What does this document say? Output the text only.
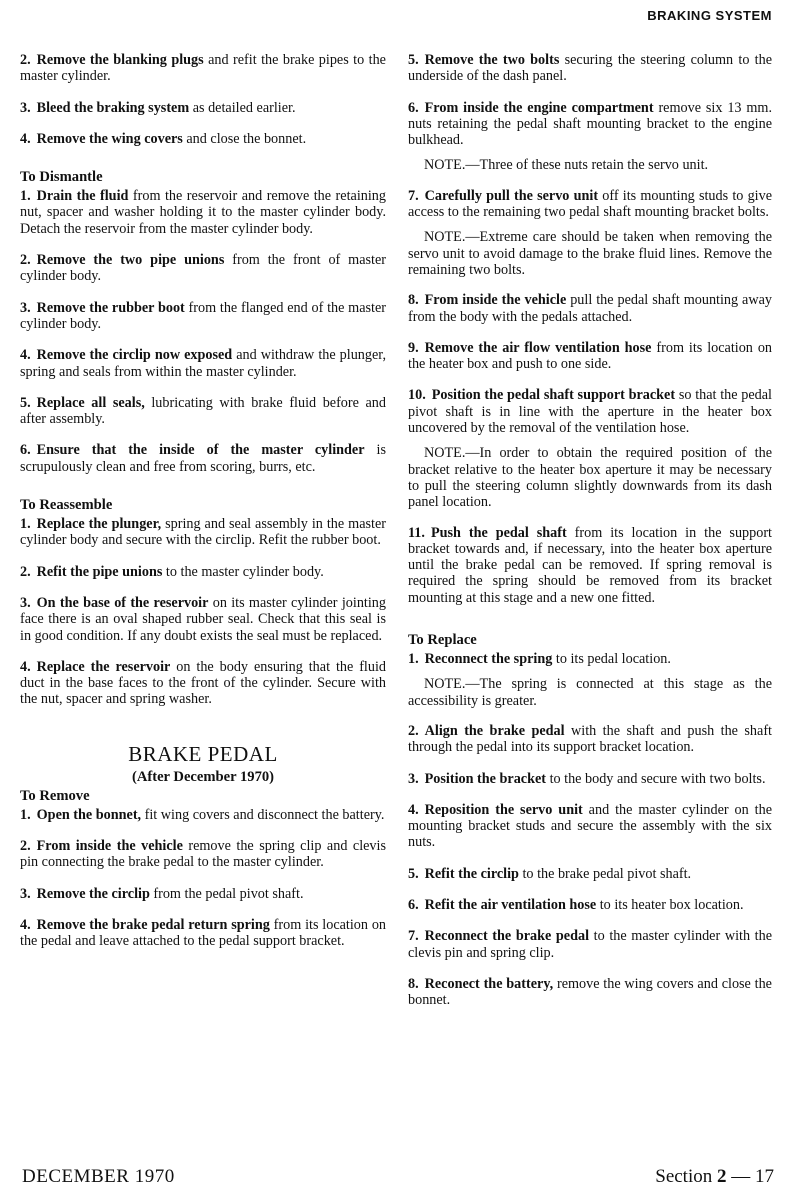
BRAKING SYSTEM

2. Remove the blanking plugs and refit the brake pipes to the master cylinder.

3. Bleed the braking system as detailed earlier.

4. Remove the wing covers and close the bonnet.

To Dismantle

1. Drain the fluid from the reservoir and remove the retaining nut, spacer and washer holding it to the master cylinder body. Detach the reservoir from the master cylinder body.

2. Remove the two pipe unions from the front of master cylinder body.

3. Remove the rubber boot from the flanged end of the master cylinder body.

4. Remove the circlip now exposed and withdraw the plunger, spring and seals from within the master cylinder.

5. Replace all seals, lubricating with brake fluid before and after assembly.

6. Ensure that the inside of the master cylinder is scrupulously clean and free from scoring, burrs, etc.

To Reassemble

1. Replace the plunger, spring and seal assembly in the master cylinder body and secure with the circlip. Refit the rubber boot.

2. Refit the pipe unions to the master cylinder body.

3. On the base of the reservoir on its master cylinder jointing face there is an oval shaped rubber seal. Check that this seal is in good condition. If any doubt exists the seal must be replaced.

4. Replace the reservoir on the body ensuring that the fluid duct in the base faces to the front of the cylinder. Secure with the nut, spacer and spring washer.

BRAKE PEDAL
(After December 1970)
To Remove

1. Open the bonnet, fit wing covers and disconnect the battery.

2. From inside the vehicle remove the spring clip and clevis pin connecting the brake pedal to the master cylinder.

3. Remove the circlip from the pedal pivot shaft.

4. Remove the brake pedal return spring from its location on the pedal and leave attached to the pedal support bracket.

5. Remove the two bolts securing the steering column to the underside of the dash panel.

6. From inside the engine compartment remove six 13 mm. nuts retaining the pedal shaft mounting bracket to the engine bulkhead.

NOTE.—Three of these nuts retain the servo unit.

7. Carefully pull the servo unit off its mounting studs to give access to the remaining two pedal shaft mounting bracket bolts.

NOTE.—Extreme care should be taken when removing the servo unit to avoid damage to the brake fluid lines. Remove the remaining two bolts.

8. From inside the vehicle pull the pedal shaft mounting away from the body with the pedals attached.

9. Remove the air flow ventilation hose from its location on the heater box and push to one side.

10. Position the pedal shaft support bracket so that the pedal pivot shaft is in line with the aperture in the heater box uncovered by the removal of the ventilation hose.

NOTE.—In order to obtain the required position of the bracket relative to the heater box aperture it may be necessary to pull the steering column slightly downwards from its dash panel location.

11. Push the pedal shaft from its location in the support bracket towards and, if necessary, into the heater box aperture until the brake pedal can be removed. If spring removal is required the spring should be removed from its bracket mounting at this stage and a new one fitted.

To Replace

1. Reconnect the spring to its pedal location.

NOTE.—The spring is connected at this stage as the accessibility is greater.

2. Align the brake pedal with the shaft and push the shaft through the pedal into its support bracket location.

3. Position the bracket to the body and secure with two bolts.

4. Reposition the servo unit and the master cylinder on the mounting bracket studs and secure the assembly with the six nuts.

5. Refit the circlip to the brake pedal pivot shaft.

6. Refit the air ventilation hose to its heater box location.

7. Reconnect the brake pedal to the master cylinder with the clevis pin and spring clip.

8. Reconect the battery, remove the wing covers and close the bonnet.

DECEMBER 1970	Section 2 — 17
